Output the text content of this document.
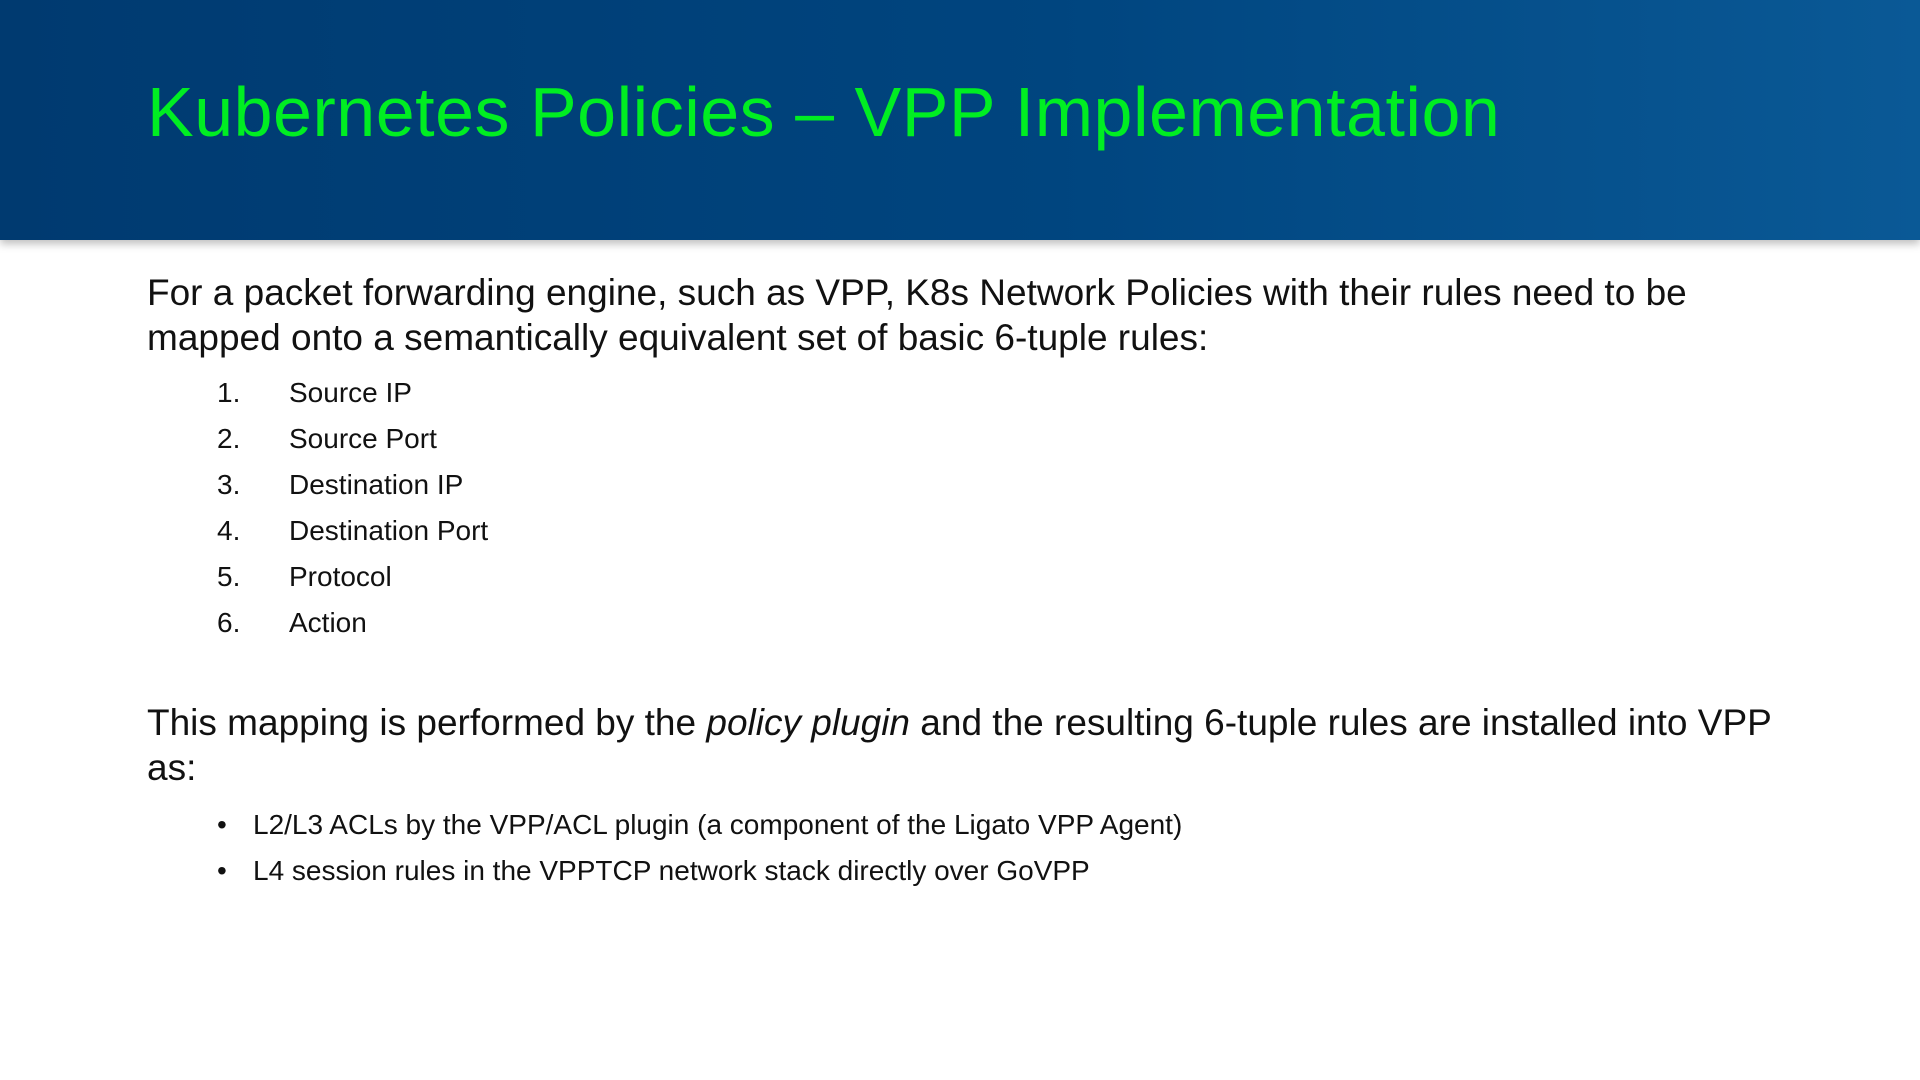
Kubernetes Policies – VPP Implementation

For a packet forwarding engine, such as VPP, K8s Network Policies with their rules need to be mapped onto a semantically equivalent set of basic 6-tuple rules:

1.	Source IP
2.	Source Port
3.	Destination IP
4.	Destination Port
5.	Protocol
6.	Action

This mapping is performed by the policy plugin and the resulting 6-tuple rules are installed into VPP as:

• L2/L3 ACLs by the VPP/ACL plugin (a component of the Ligato VPP Agent)
• L4 session rules in the VPPTCP network stack directly over GoVPP
